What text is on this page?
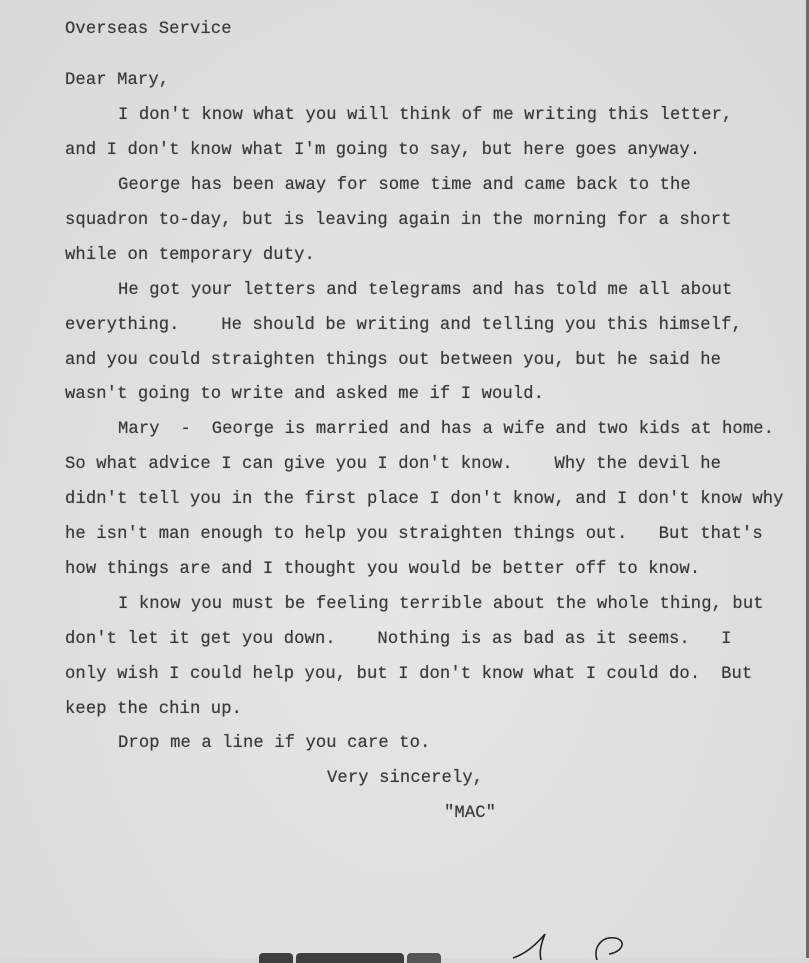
Overseas Service
Dear Mary,
I don't know what you will think of me writing this letter,
and I don't know what I'm going to say, but here goes anyway.
George has been away for some time and came back to the
squadron to-day, but is leaving again in the morning for a short
while on temporary duty.
He got your letters and telegrams and has told me all about
everything.    He should be writing and telling you this himself,
and you could straighten things out between you, but he said he
wasn't going to write and asked me if I would.
Mary  -  George is married and has a wife and two kids at home.
So what advice I can give you I don't know.    Why the devil he
didn't tell you in the first place I don't know, and I don't know why
he isn't man enough to help you straighten things out.   But that's
how things are and I thought you would be better off to know.
I know you must be feeling terrible about the whole thing, but
don't let it get you down.    Nothing is as bad as it seems.   I
only wish I could help you, but I don't know what I could do.  But
keep the chin up.
Drop me a line if you care to.
Very sincerely,
"MAC"
